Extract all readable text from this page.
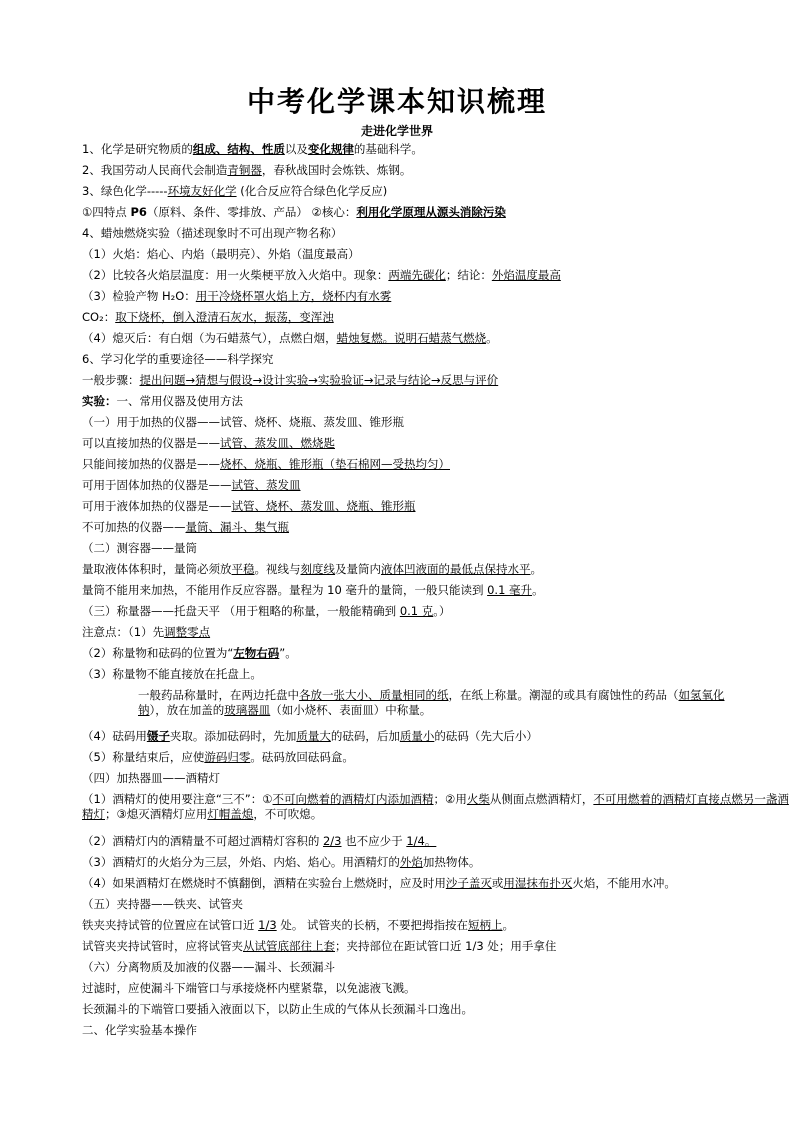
中考化学课本知识梳理
走进化学世界
1、化学是研究物质的组成、结构、性质以及变化规律的基础科学。
2、我国劳动人民商代会制造青铜器，春秋战国时会炼铁、炼钢。
3、绿色化学-----环境友好化学 (化合反应符合绿色化学反应)
①四特点 P6（原料、条件、零排放、产品） ②核心：利用化学原理从源头消除污染
4、蜡烛燃烧实验（描述现象时不可出现产物名称）
（1）火焰：焰心、内焰（最明亮）、外焰（温度最高）
（2）比较各火焰层温度：用一火柴梗平放入火焰中。现象：两端先碳化；结论：外焰温度最高
（3）检验产物 H₂O：用干冷烧杯罩火焰上方，烧杯内有水雾
CO₂：取下烧杯，倒入澄清石灰水，振荡，变浑浊
（4）熄灭后：有白烟（为石蜡蒸气），点燃白烟，蜡烛复燃。说明石蜡蒸气燃烧。
6、学习化学的重要途径——科学探究
一般步骤：提出问题→猜想与假设→设计实验→实验验证→记录与结论→反思与评价
实验：一、常用仪器及使用方法
（一）用于加热的仪器——试管、烧杯、烧瓶、蒸发皿、锥形瓶
可以直接加热的仪器是——试管、蒸发皿、燃烧匙
只能间接加热的仪器是——烧杯、烧瓶、锥形瓶（垫石棉网—受热均匀）
可用于固体加热的仪器是——试管、蒸发皿
可用于液体加热的仪器是——试管、烧杯、蒸发皿、烧瓶、锥形瓶
不可加热的仪器——量筒、漏斗、集气瓶
（二）测容器——量筒
量取液体体积时，量筒必须放平稳。视线与刻度线及量筒内液体凹液面的最低点保持水平。
量筒不能用来加热，不能用作反应容器。量程为 10 毫升的量筒，一般只能读到 0.1 毫升。
（三）称量器——托盘天平 （用于粗略的称量，一般能精确到 0.1 克。）
注意点：（1）先调整零点
（2）称量物和砝码的位置为“左物右码”。
（3）称量物不能直接放在托盘上。
一般药品称量时，在两边托盘中各放一张大小、质量相同的纸，在纸上称量。潮湿的或具有腐蚀性的药品（如氢氧化钠），放在加盖的玻璃器皿（如小烧杯、表面皿）中称量。
（4）砝码用镊子夹取。添加砝码时，先加质量大的砝码，后加质量小的砝码（先大后小）
（5）称量结束后，应使游码归零。砝码放回砝码盒。
（四）加热器皿——酒精灯
（1）酒精灯的使用要注意“三不”：①不可向燃着的酒精灯内添加酒精；②用火柴从侧面点燃酒精灯，不可用燃着的酒精灯直接点燃另一盏酒精灯；③熄灭酒精灯应用灯帽盖熄，不可吹熄。
（2）酒精灯内的酒精量不可超过酒精灯容积的 2/3 也不应少于 1/4。
（3）酒精灯的火焰分为三层，外焰、内焰、焰心。用酒精灯的外焰加热物体。
（4）如果酒精灯在燃烧时不慎翻倒，酒精在实验台上燃烧时，应及时用沙子盖灭或用湿抹布扑灭火焰，不能用水冲。
（五）夹持器——铁夹、试管夹
铁夹夹持试管的位置应在试管口近 1/3 处。 试管夹的长柄，不要把拇指按在短柄上。
试管夹夹持试管时，应将试管夹从试管底部往上套；夹持部位在距试管口近 1/3 处；用手拿住
（六）分离物质及加液的仪器——漏斗、长颈漏斗
过滤时，应使漏斗下端管口与承接烧杯内壁紧靠，以免滤液飞溅。
长颈漏斗的下端管口要插入液面以下，以防止生成的气体从长颈漏斗口逸出。
二、化学实验基本操作
